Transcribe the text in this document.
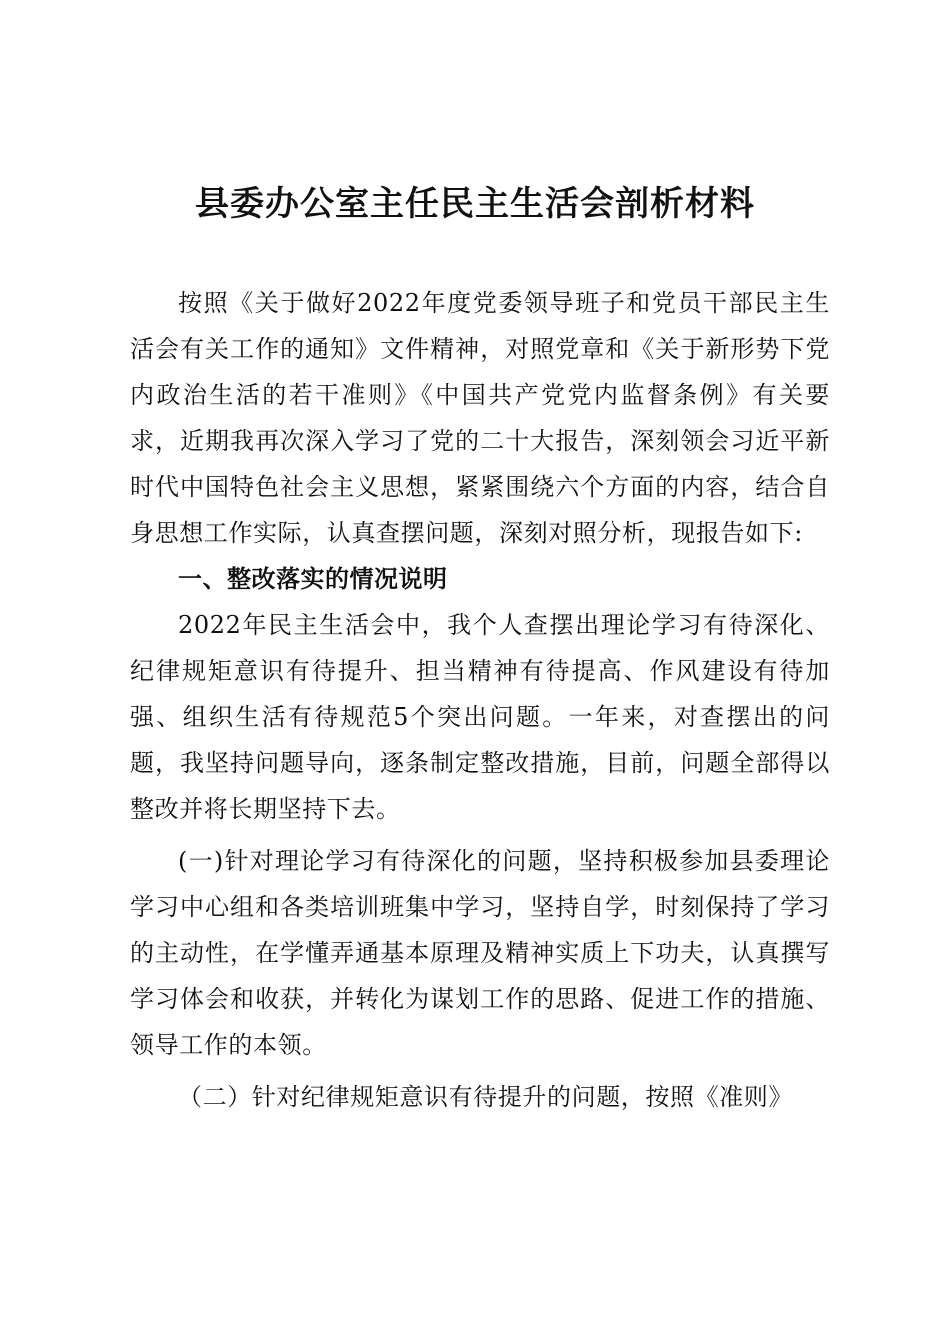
县委办公室主任民主生活会剖析材料

按照《关于做好2022年度党委领导班子和党员干部民主生活会有关工作的通知》文件精神，对照党章和《关于新形势下党内政治生活的若干准则》《中国共产党党内监督条例》有关要求，近期我再次深入学习了党的二十大报告，深刻领会习近平新时代中国特色社会主义思想，紧紧围绕六个方面的内容，结合自身思想工作实际，认真查摆问题，深刻对照分析，现报告如下:

一、整改落实的情况说明

2022年民主生活会中，我个人查摆出理论学习有待深化、纪律规矩意识有待提升、担当精神有待提高、作风建设有待加强、组织生活有待规范5个突出问题。一年来，对查摆出的问题，我坚持问题导向，逐条制定整改措施，目前，问题全部得以整改并将长期坚持下去。

(一)针对理论学习有待深化的问题，坚持积极参加县委理论学习中心组和各类培训班集中学习，坚持自学，时刻保持了学习的主动性，在学懂弄通基本原理及精神实质上下功夫，认真撰写学习体会和收获，并转化为谋划工作的思路、促进工作的措施、领导工作的本领。

（二）针对纪律规矩意识有待提升的问题，按照《准则》
